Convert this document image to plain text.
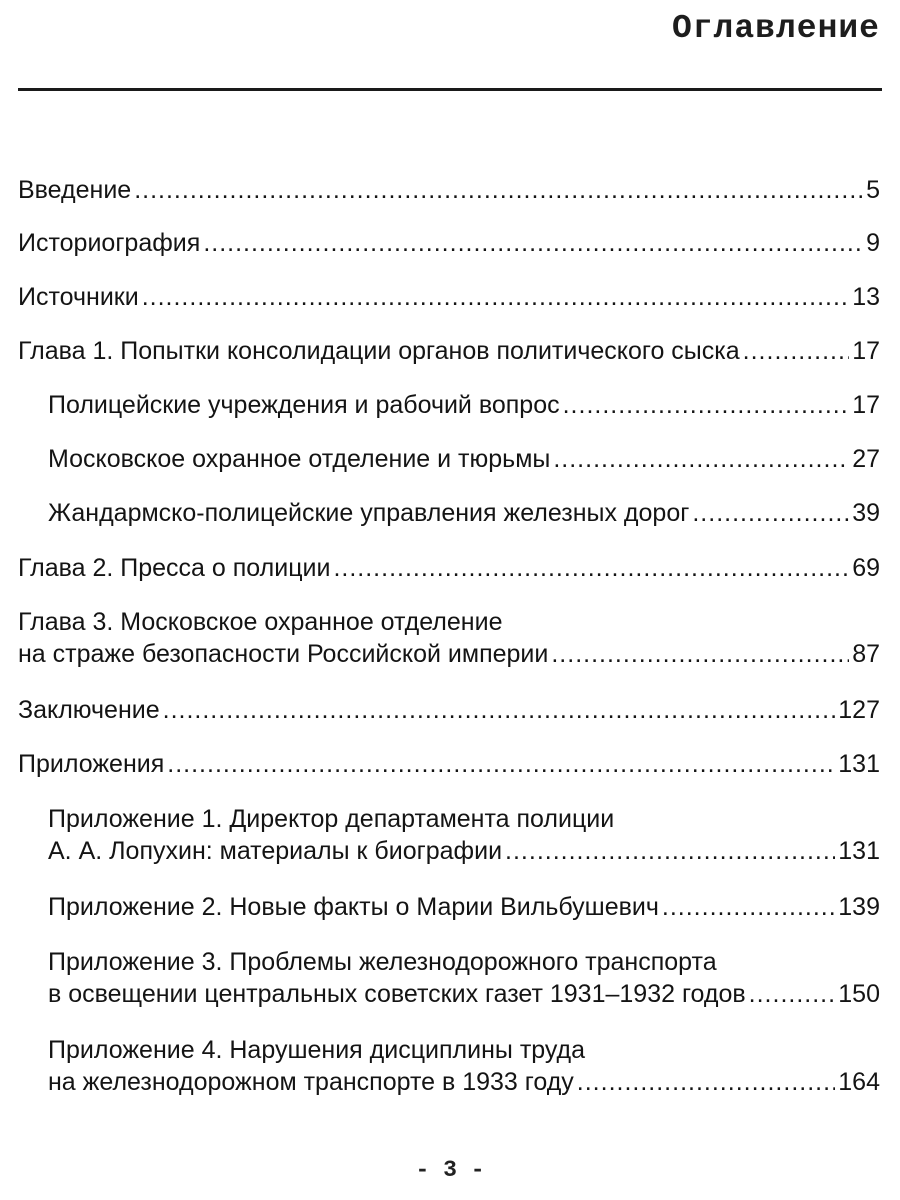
Оглавление
Введение .....	5
Историография .....	9
Источники .....	13
Глава 1. Попытки консолидации органов политического сыска .....	17
Полицейские учреждения и рабочий вопрос .....	17
Московское охранное отделение и тюрьмы .....	27
Жандармско-полицейские управления железных дорог .....	39
Глава 2. Пресса о полиции .....	69
Глава 3. Московское охранное отделение
на страже безопасности Российской империи .....	87
Заключение .....	127
Приложения .....	131
Приложение 1. Директор департамента полиции
А. А. Лопухин: материалы к биографии .....	131
Приложение 2. Новые факты о Марии Вильбушевич .....	139
Приложение 3. Проблемы железнодорожного транспорта
в освещении центральных советских газет 1931–1932 годов .....	150
Приложение 4. Нарушения дисциплины труда
на железнодорожном транспорте в 1933 году .....	164
- 3 -
